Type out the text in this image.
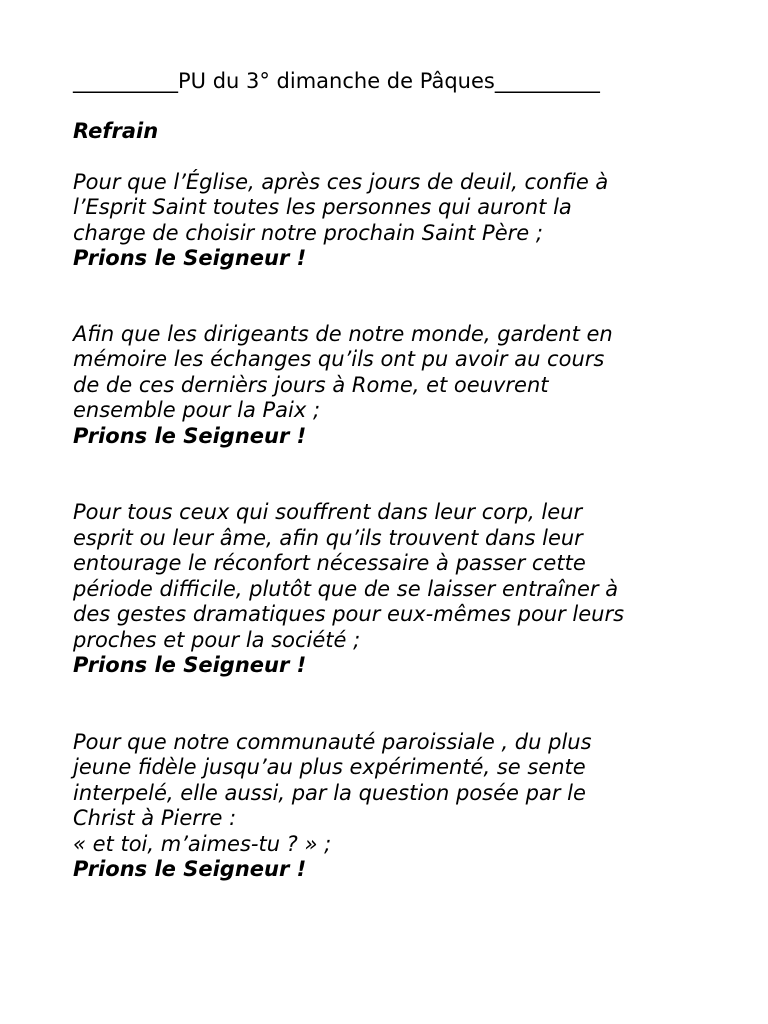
__________PU du 3° dimanche de Pâques__________

Refrain

Pour que l’Église, après ces jours de deuil, confie à
l’Esprit Saint toutes les personnes qui auront la
charge de choisir notre prochain Saint Père ;

Prions le Seigneur !

Afin que les dirigeants de notre monde, gardent en
mémoire les échanges qu’ils ont pu avoir au cours
de de ces dernièrs jours à Rome, et oeuvrent
ensemble pour la Paix ;

Prions le Seigneur !

Pour tous ceux qui souffrent dans leur corp, leur
esprit ou leur âme, afin qu’ils trouvent dans leur
entourage le réconfort nécessaire à passer cette
période difficile, plutôt que de se laisser entraîner à
des gestes dramatiques pour eux-mêmes pour leurs
proches et pour la société ;

Prions le Seigneur !

Pour que notre communauté paroissiale , du plus
jeune fidèle jusqu’au plus expérimenté, se sente
interpelé, elle aussi, par la question posée par le
Christ à Pierre :
« et toi, m’aimes-tu ? » ;

Prions le Seigneur !
